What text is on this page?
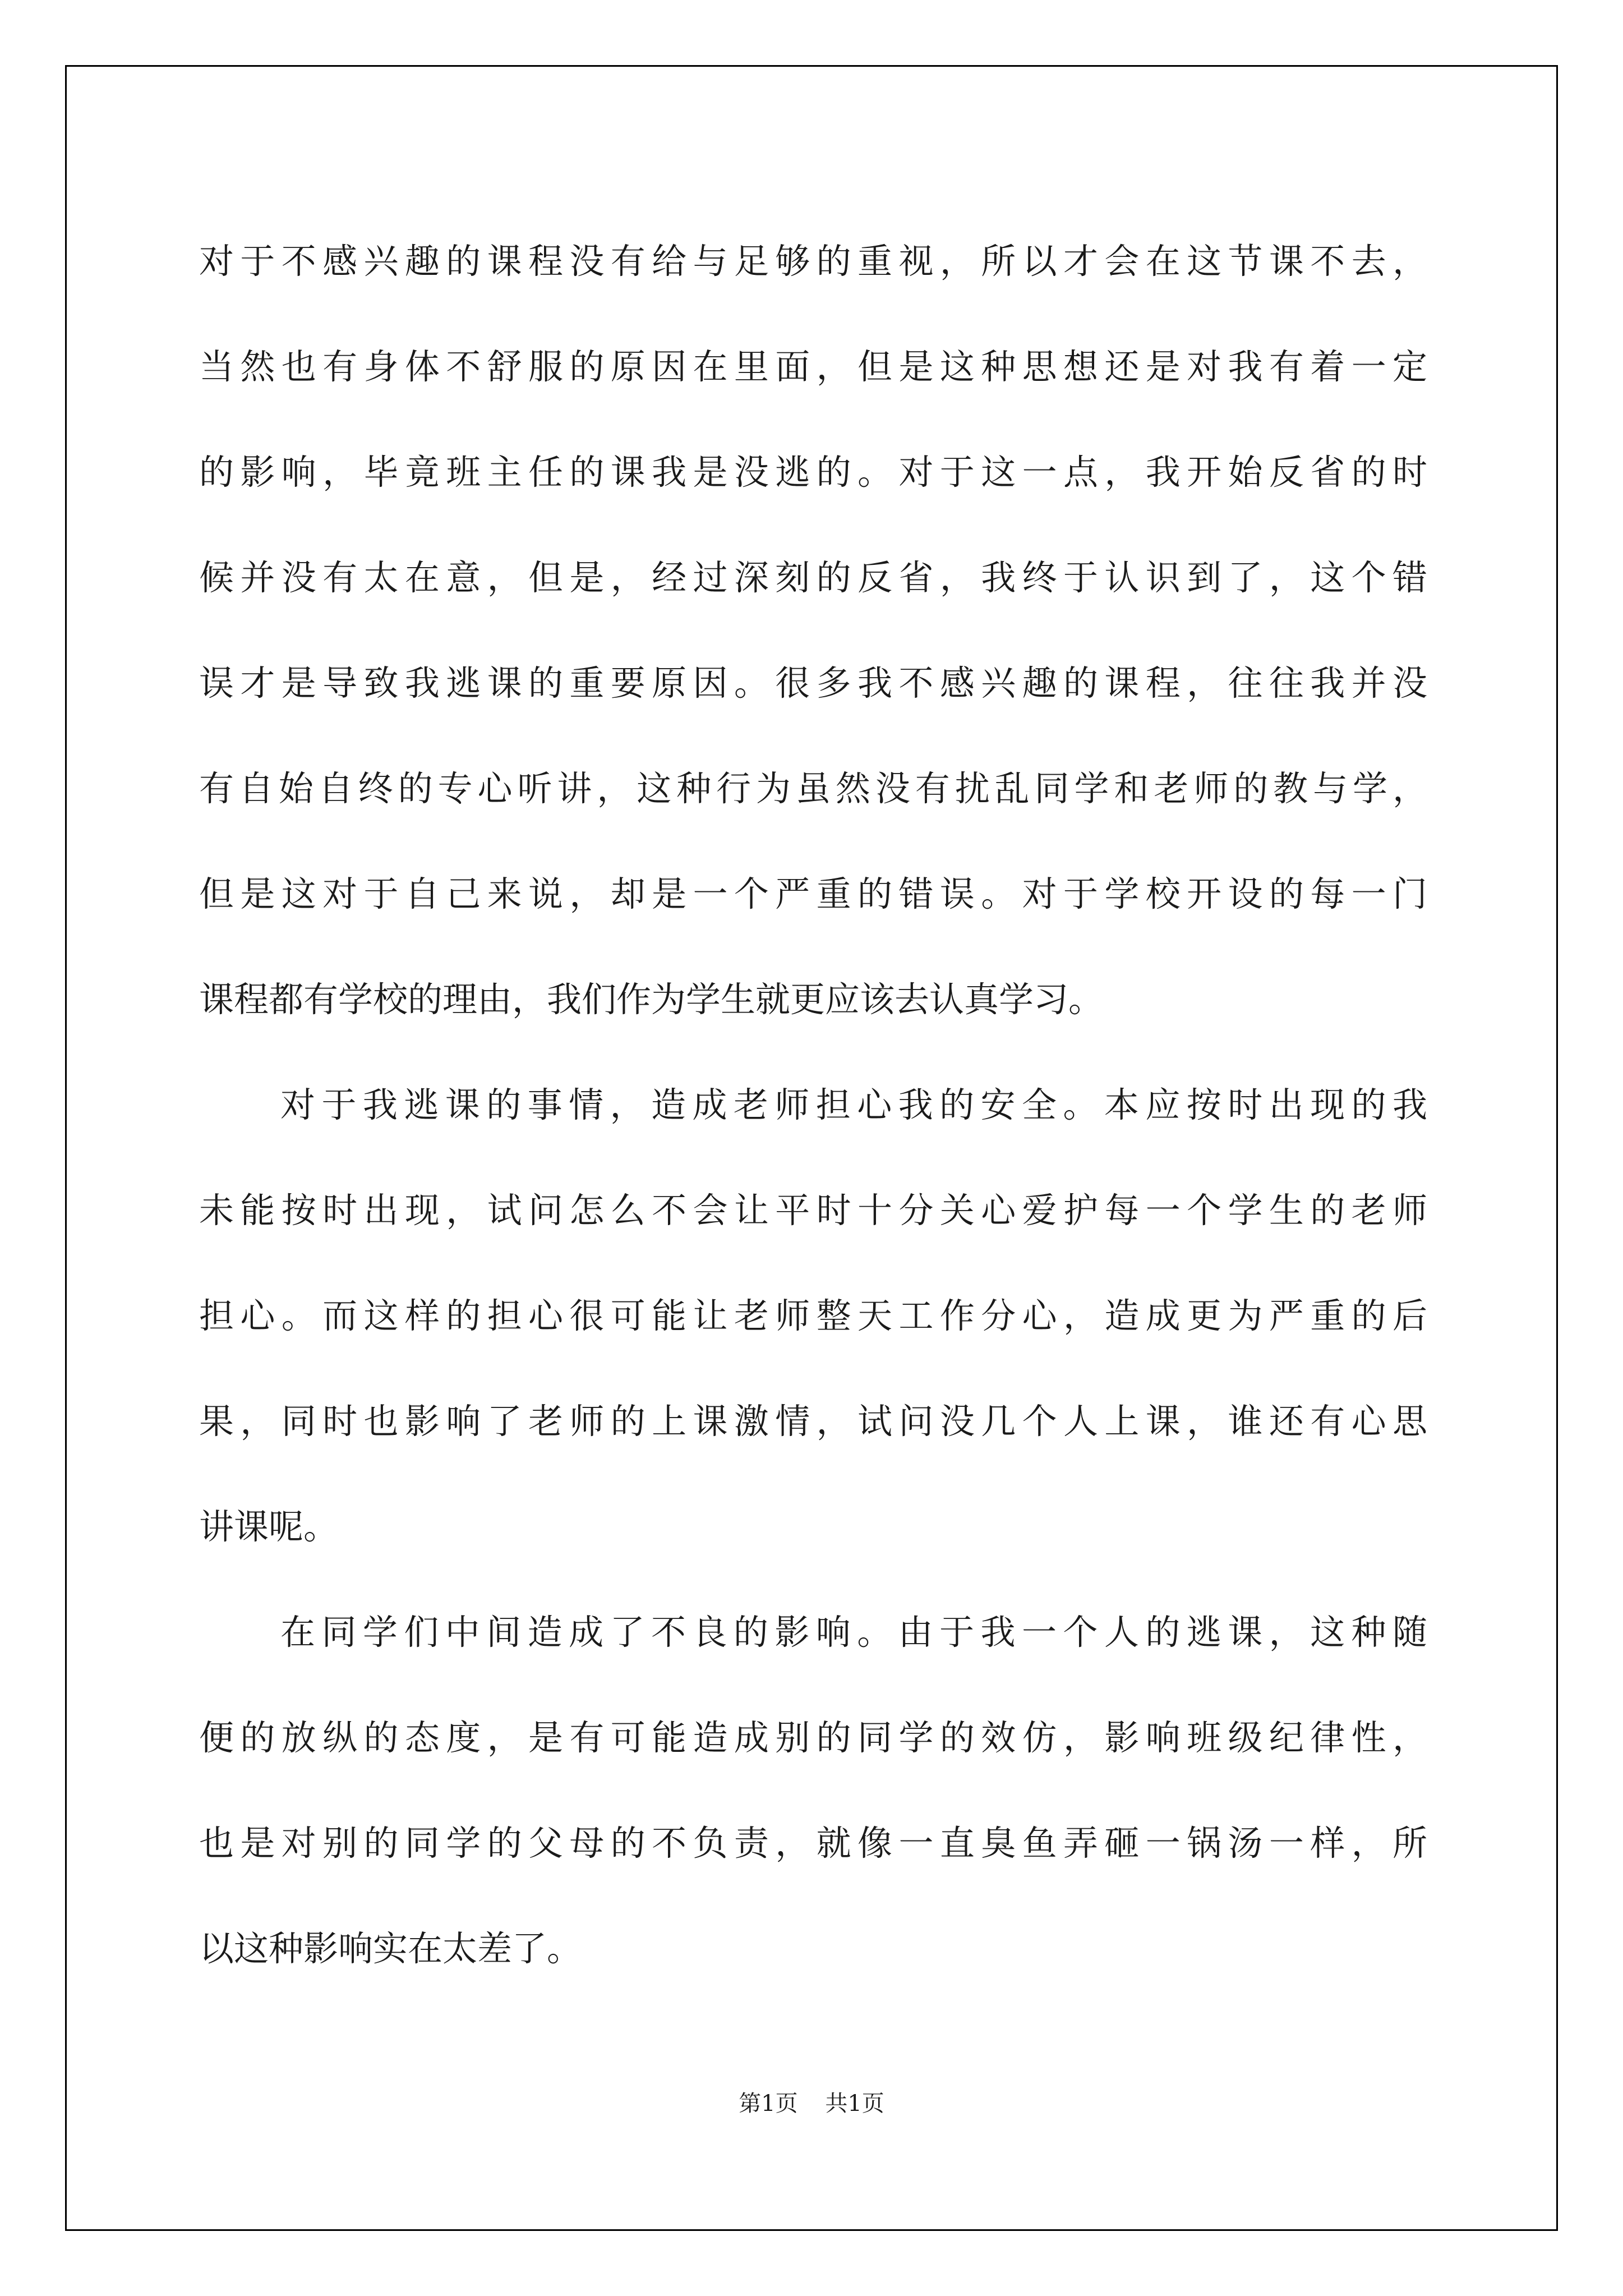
对于不感兴趣的课程没有给与足够的重视，所以才会在这节课不去，
当然也有身体不舒服的原因在里面，但是这种思想还是对我有着一定
的影响，毕竟班主任的课我是没逃的。对于这一点，我开始反省的时
候并没有太在意，但是，经过深刻的反省，我终于认识到了，这个错
误才是导致我逃课的重要原因。很多我不感兴趣的课程，往往我并没
有自始自终的专心听讲，这种行为虽然没有扰乱同学和老师的教与学，
但是这对于自己来说，却是一个严重的错误。对于学校开设的每一门
课程都有学校的理由，我们作为学生就更应该去认真学习。
对于我逃课的事情，造成老师担心我的安全。本应按时出现的我
未能按时出现，试问怎么不会让平时十分关心爱护每一个学生的老师
担心。而这样的担心很可能让老师整天工作分心，造成更为严重的后
果，同时也影响了老师的上课激情，试问没几个人上课，谁还有心思
讲课呢。
在同学们中间造成了不良的影响。由于我一个人的逃课，这种随
便的放纵的态度，是有可能造成别的同学的效仿，影响班级纪律性，
也是对别的同学的父母的不负责，就像一直臭鱼弄砸一锅汤一样，所
以这种影响实在太差了。
第1页 共1页
